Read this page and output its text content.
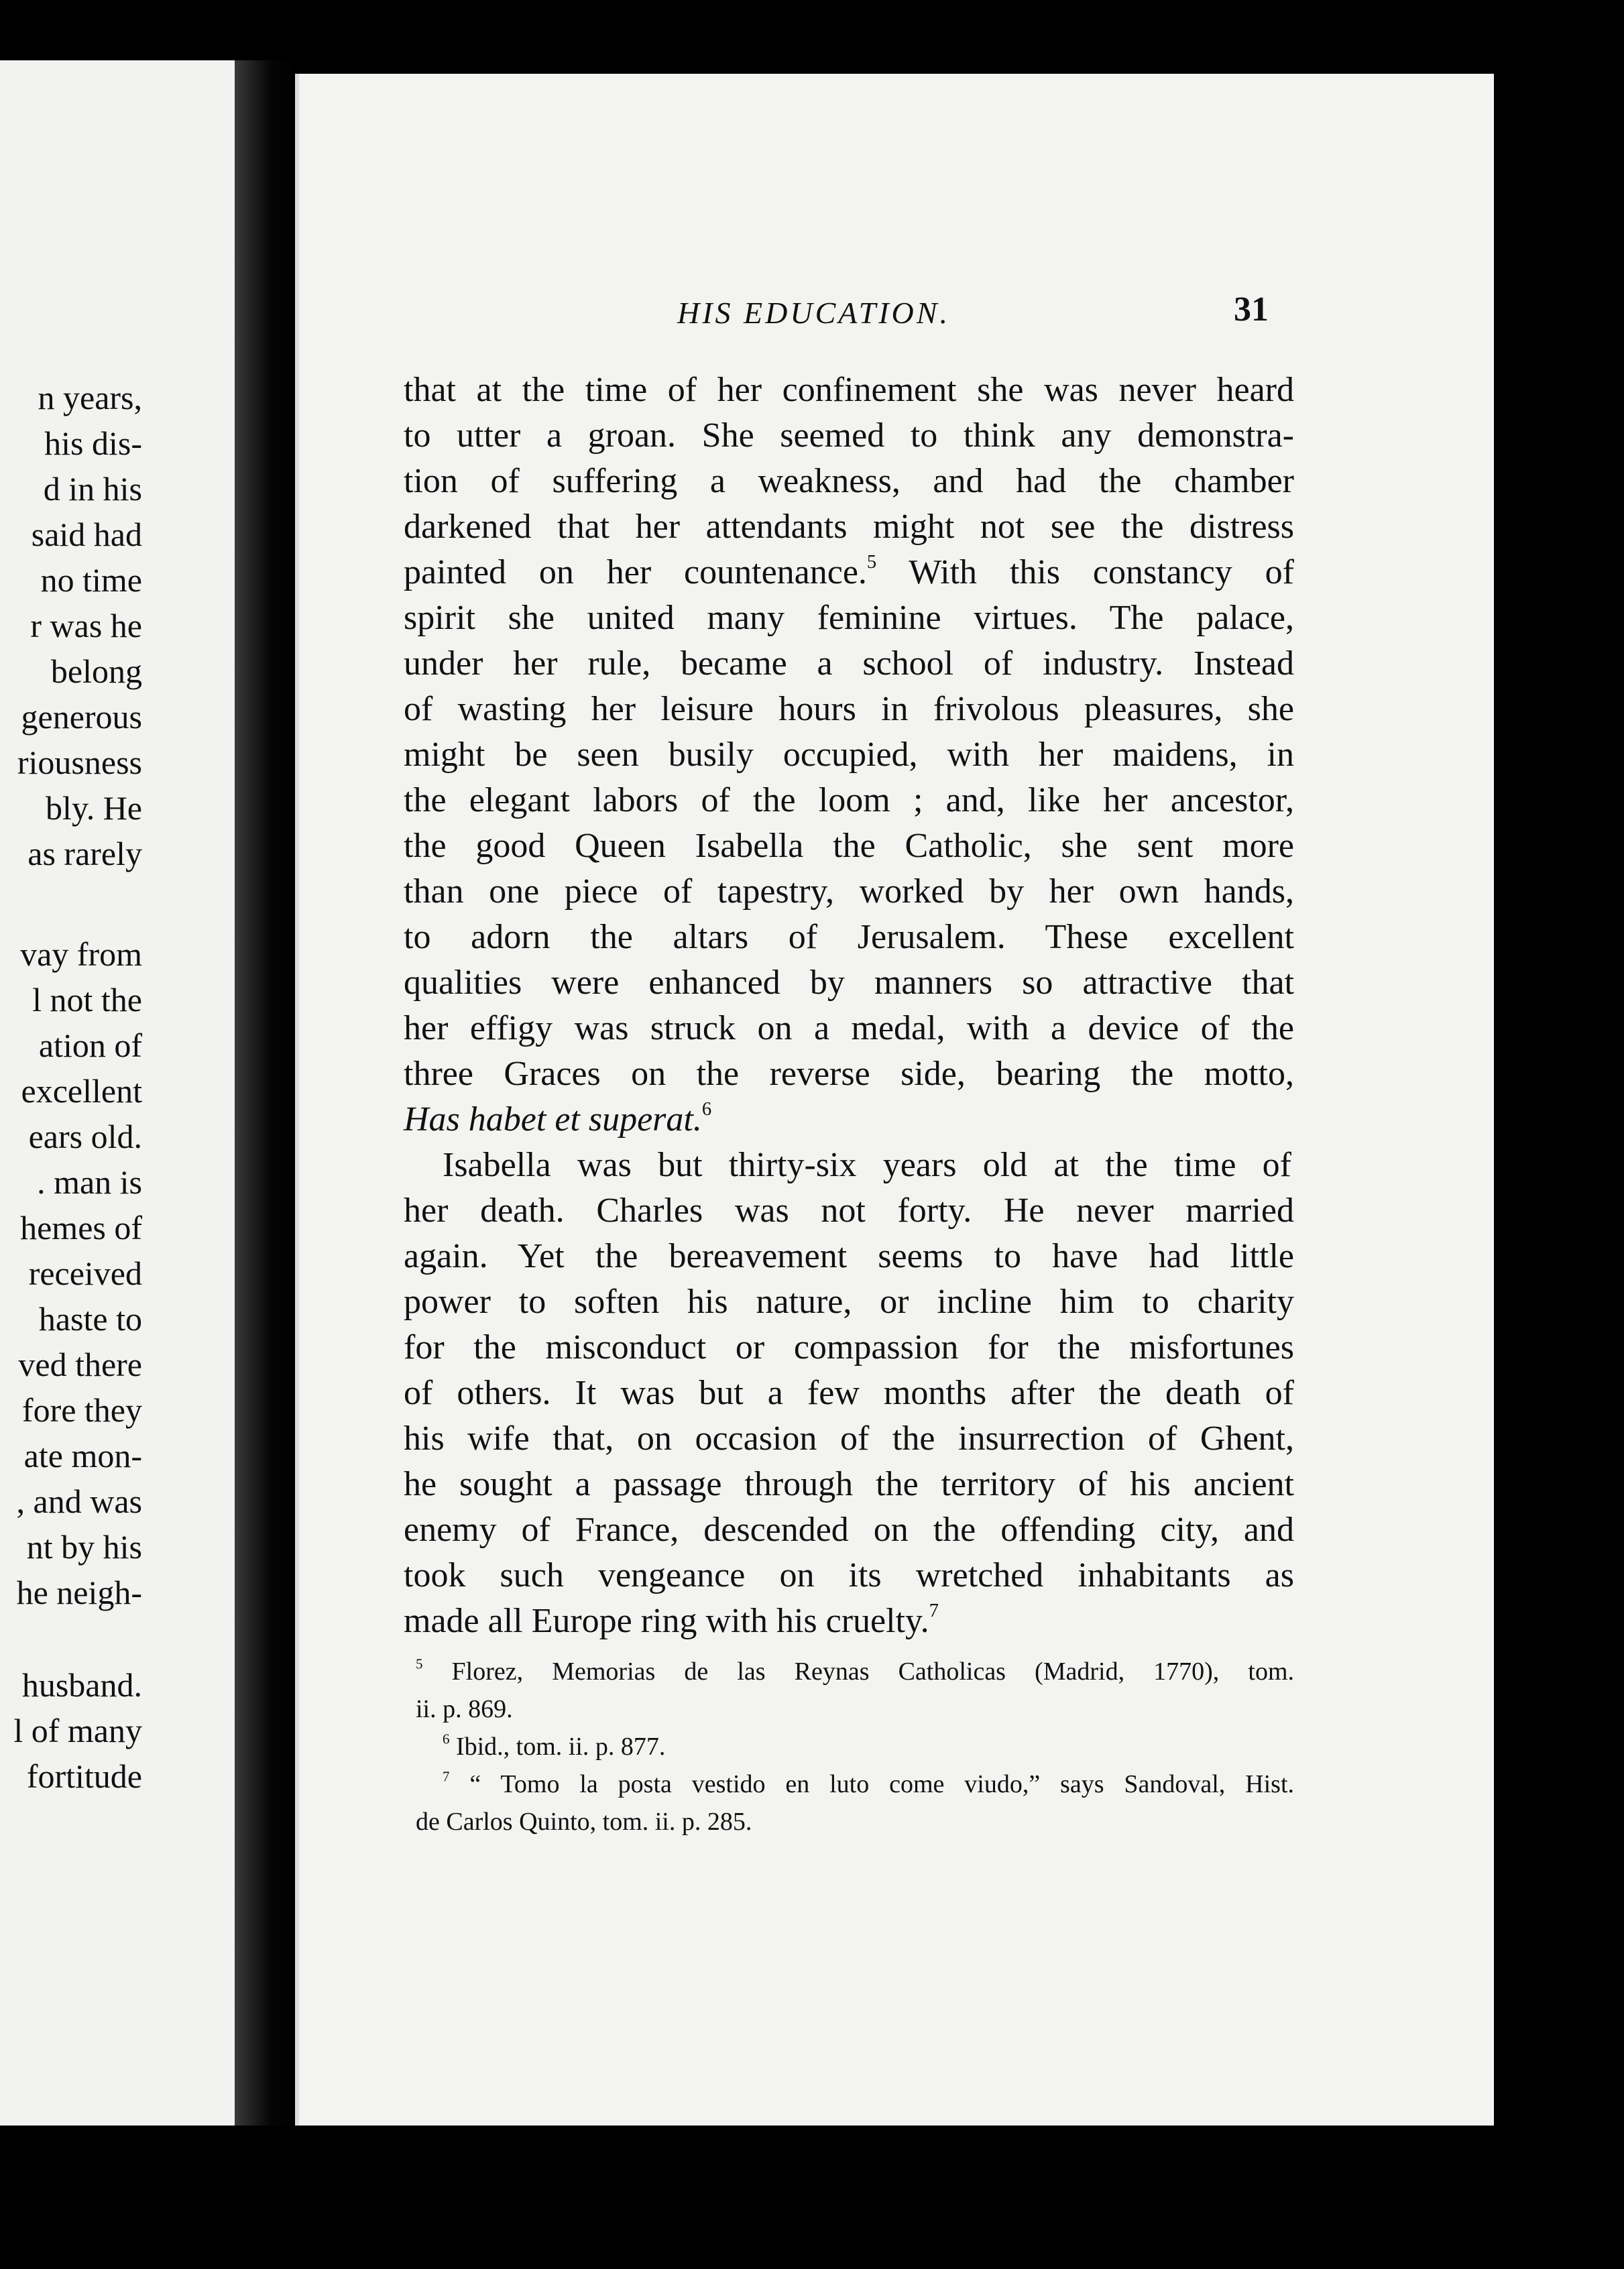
n years,
his dis-
d in his
said had
no time
r was he
belong
generous
riousness
bly. He
as rarely
vay from
l not the
ation of
excellent
ears old.
. man is
hemes of
received
haste to
ved there
fore they
ate mon-
, and was
nt by his
he neigh-
husband.
l of many
fortitude
HIS EDUCATION.	31
that at the time of her confinement she was never heard
to utter a groan. She seemed to think any demonstra-
tion of suffering a weakness, and had the chamber
darkened that her attendants might not see the distress
painted on her countenance.$^5$ With this constancy of
spirit she united many feminine virtues. The palace,
under her rule, became a school of industry. Instead
of wasting her leisure hours in frivolous pleasures, she
might be seen busily occupied, with her maidens, in
the elegant labors of the loom ; and, like her ancestor,
the good Queen Isabella the Catholic, she sent more
than one piece of tapestry, worked by her own hands,
to adorn the altars of Jerusalem. These excellent
qualities were enhanced by manners so attractive that
her effigy was struck on a medal, with a device of the
three Graces on the reverse side, bearing the motto,
Has habet et superat.$^6$
Isabella was but thirty-six years old at the time of
her death. Charles was not forty. He never married
again. Yet the bereavement seems to have had little
power to soften his nature, or incline him to charity
for the misconduct or compassion for the misfortunes
of others. It was but a few months after the death of
his wife that, on occasion of the insurrection of Ghent,
he sought a passage through the territory of his ancient
enemy of France, descended on the offending city, and
took such vengeance on its wretched inhabitants as
made all Europe ring with his cruelty.$^7$
$^5$ Florez, Memorias de las Reynas Catholicas (Madrid, 1770), tom.
ii. p. 869.
$^6$ Ibid., tom. ii. p. 877.
$^7$ “ Tomo la posta vestido en luto come viudo,” says Sandoval, Hist.
de Carlos Quinto, tom. ii. p. 285.
